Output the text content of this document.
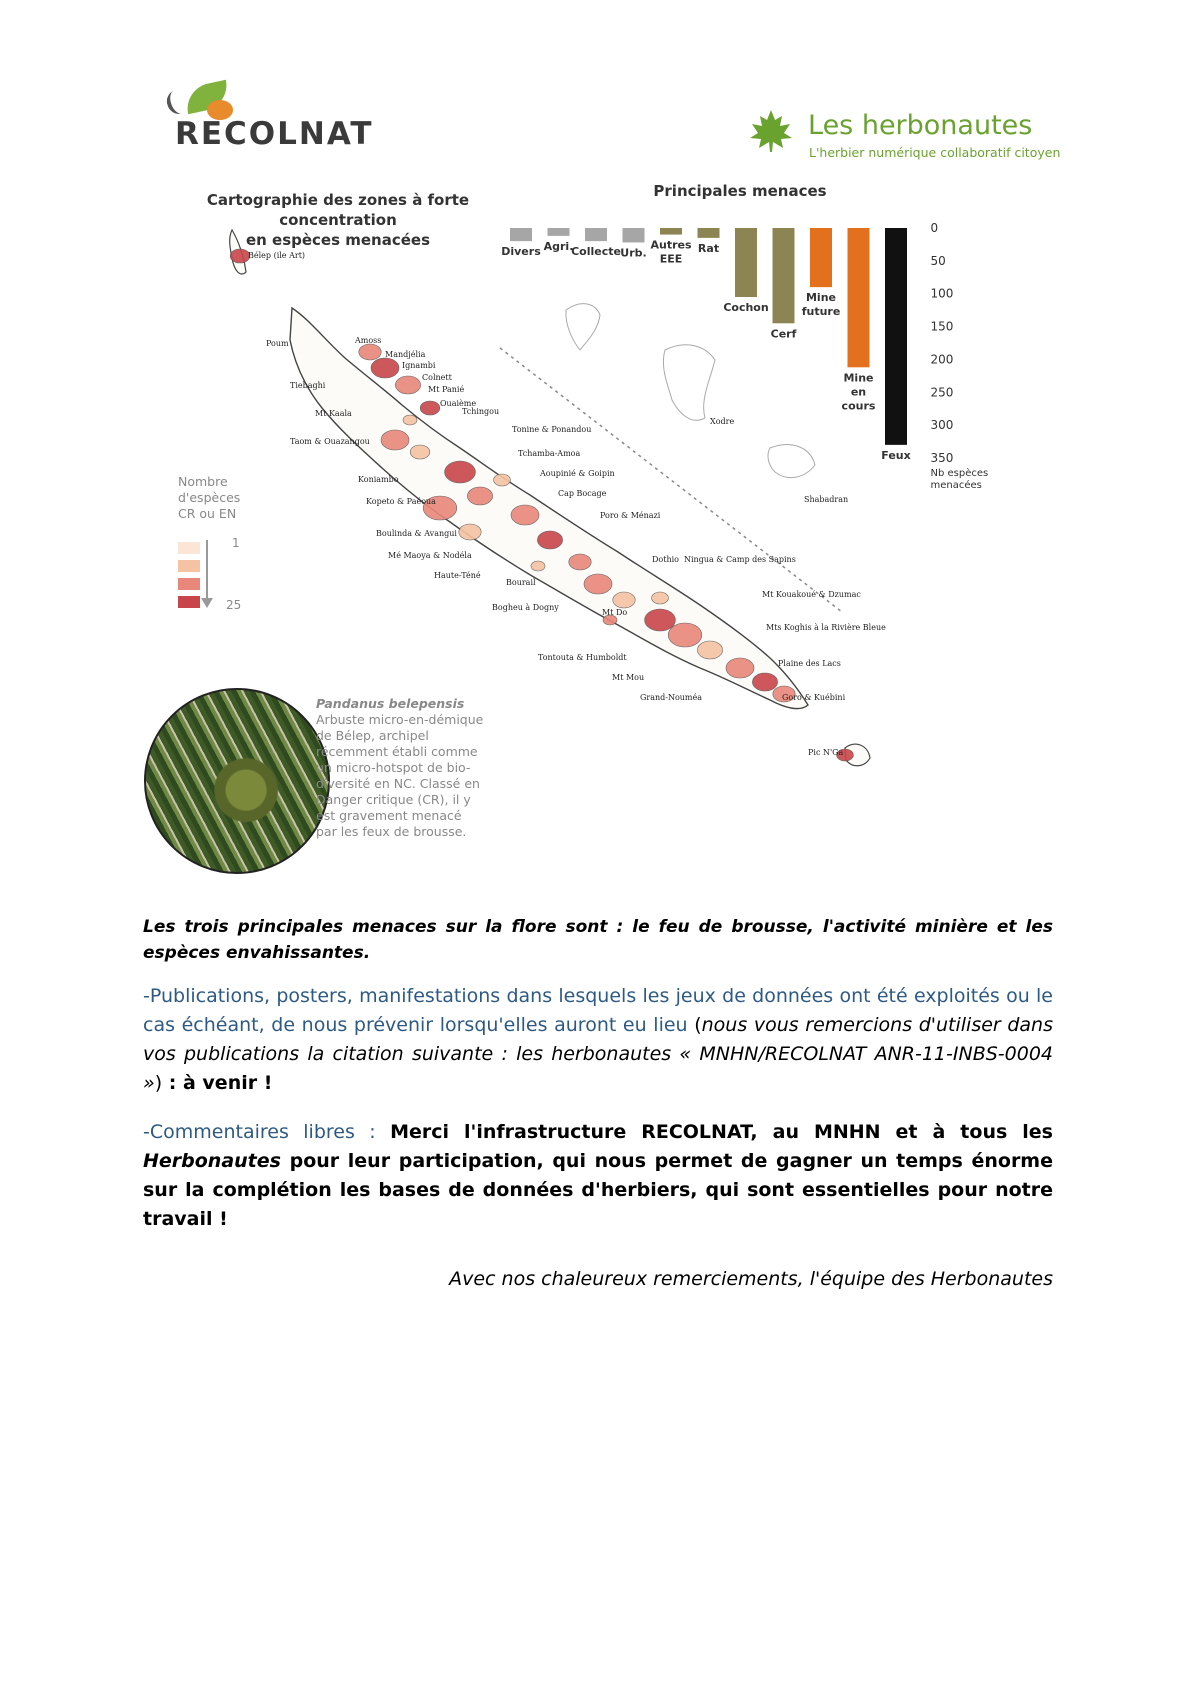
RECOLNAT	Les herbonautes
L'herbier numérique collaboratif citoyen
Cartographie des zones à forte concentration
en espèces menacées
Principales menaces
Bélep (ile Art)
Poum	Amoss
Mandjélia
Ignambi
Colnett
Mt Panié
Ouaième
Tchingou
Tiebaghi
Mt Kaala
Taom & Ouazangou
Tonine & Ponandou
Tchamba-Amoa
Aoupinié & Goipin
Koniambo
Cap Bocage
Kopeto & Paéoua
Poro & Ménazi
Boulinda & Avangui
Mé Maoya & Nodéla
Haute-Téné
Bourail
Dothio Ningua & Camp des Sapins
Bogheu à Dogny
Mt Do
Mt Kouakoué & Dzumac
Mts Koghis à la Rivière Bleue
Tontouta & Humboldt
Mt Mou
Grand-Nouméa
Plaine des Lacs
Goro & Kuébini
Pic N'Ga
Xodre
Shabadran
Divers Agri.
Collecte Urb.
Autres EEE
Rat
Cochon
Cerf
Mine future
Mine en cours
Feux
0
50
100
150
200
250
300
350
Nb espèces menacées
Nombre d'espèces CR ou EN
1
25
Pandanus belepensis
Arbuste micro-en-démique de Bélep, archipel récemment établi comme un micro-hotspot de bio-diversité en NC. Classé en Danger critique (CR), il y est gravement menacé par les feux de brousse.
Les trois principales menaces sur la flore sont : le feu de brousse, l'activité minière et les espèces envahissantes.
-Publications, posters, manifestations dans lesquels les jeux de données ont été exploités ou le cas échéant, de nous prévenir lorsqu'elles auront eu lieu (nous vous remercions d'utiliser dans vos publications la citation suivante : les herbonautes « MNHN/RECOLNAT ANR-11-INBS-0004 ») : à venir !
-Commentaires libres : Merci l'infrastructure RECOLNAT, au MNHN et à tous les Herbonautes pour leur participation, qui nous permet de gagner un temps énorme sur la complétion les bases de données d'herbiers, qui sont essentielles pour notre travail !
Avec nos chaleureux remerciements, l'équipe des Herbonautes
